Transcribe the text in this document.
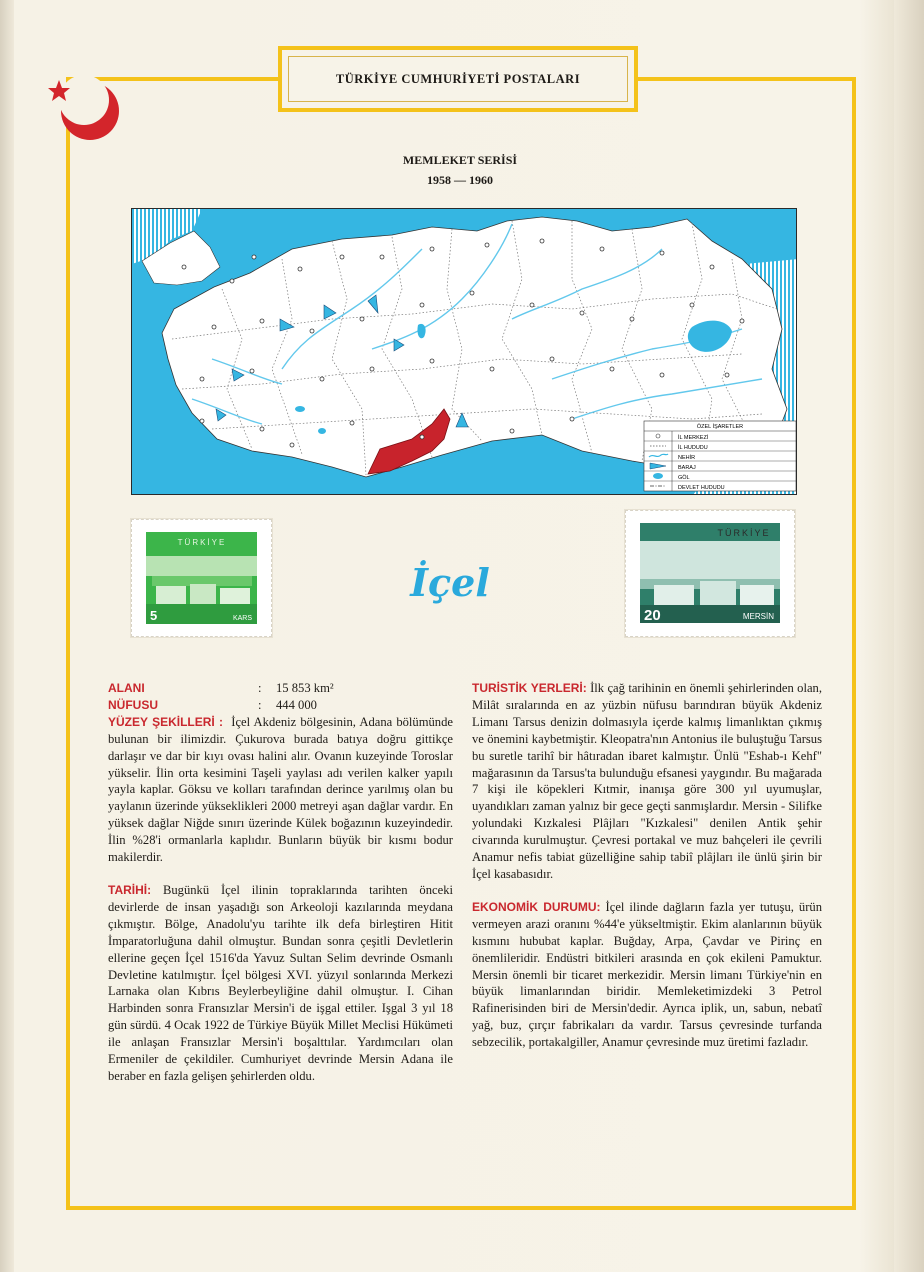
TÜRKİYE CUMHURİYETİ POSTALARI
MEMLEKET SERİSİ
1958 — 1960
ÖZEL İŞARETLER
İL MERKEZİ
İL HUDUDU
NEHİR
BARAJ
GÖL
DEVLET HUDUDU
TÜRKİYE
5	KARS
TÜRKİYE
20	MERSİN
İçel
ALANI	:	15 853 km²
NÜFUSU	:	444 000

YÜZEY ŞEKİLLERİ : İçel Akdeniz bölgesinin, Adana bölümünde bulunan bir ilimizdir. Çukurova burada batıya doğru gittikçe darlaşır ve dar bir kıyı ovası halini alır. Ovanın kuzeyinde Toroslar yükselir. İlin orta kesimini Taşeli yaylası adı verilen kalker yapılı yayla kaplar. Göksu ve kolları tarafından derince yarılmış olan bu yaylanın üzerinde yükseklikleri 2000 metreyi aşan dağlar vardır. En yüksek dağlar Niğde sınırı üzerinde Külek boğazının kuzeyindedir. İlin %28'i ormanlarla kaplıdır. Bunların büyük bir kısmı bodur makilerdir.

TARİHİ: Bugünkü İçel ilinin topraklarında tarihten önceki devirlerde de insan yaşadığı son Arkeoloji kazılarında meydana çıkmıştır. Bölge, Anadolu'yu tarihte ilk defa birleştiren Hitit İmparatorluğuna dahil olmuştur. Bundan sonra çeşitli Devletlerin ellerine geçen İçel 1516'da Yavuz Sultan Selim devrinde Osmanlı Devletine katılmıştır. İçel bölgesi XVI. yüzyıl sonlarında Merkezi Larnaka olan Kıbrıs Beylerbeyliğine dahil olmuştur. I. Cihan Harbinden sonra Fransızlar Mersin'i de işgal ettiler. Işgal 3 yıl 18 gün sürdü. 4 Ocak 1922 de Türkiye Büyük Millet Meclisi Hükümeti ile anlaşan Fransızlar Mersin'i boşalttılar. Yardımcıları olan Ermeniler de çekildiler. Cumhuriyet devrinde Mersin Adana ile beraber en fazla gelişen şehirlerden oldu.

TURİSTİK YERLERİ: İlk çağ tarihinin en önemli şehirlerinden olan, Milât sıralarında en az yüzbin nüfusu barındıran büyük Akdeniz Limanı Tarsus denizin dolmasıyla içerde kalmış limanlıktan çıkmış ve önemini kaybetmiştir. Kleopatra'nın Antonius ile buluştuğu Tarsus bu suretle tarihî bir hâtıradan ibaret kalmıştır. Ünlü "Eshab-ı Kehf" mağarasının da Tarsus'ta bulunduğu efsanesi yaygındır. Bu mağarada 7 kişi ile köpekleri Kıtmir, inanışa göre 300 yıl uyumuşlar, uyandıkları zaman yalnız bir gece geçti sanmışlardır. Mersin - Silifke yolundaki Kızkalesi Plâjları "Kızkalesi" denilen Antik şehir civarında kurulmuştur. Çevresi portakal ve muz bahçeleri ile çevrili Anamur nefis tabiat güzelliğine sahip tabiî plâjları ile ünlü şirin bir İçel kasabasıdır.

EKONOMİK DURUMU: İçel ilinde dağların fazla yer tutuşu, ürün vermeyen arazi oranını %44'e yükseltmiştir. Ekim alanlarının büyük kısmını hububat kaplar. Buğday, Arpa, Çavdar ve Pirinç en önemlileridir. Endüstri bitkileri arasında en çok ekileni Pamuktur. Mersin önemli bir ticaret merkezidir. Mersin limanı Türkiye'nin en büyük limanlarından biridir. Memleketimizdeki 3 Petrol Rafinerisinden biri de Mersin'dedir. Ayrıca iplik, un, sabun, nebatî yağ, buz, çırçır fabrikaları da vardır. Tarsus çevresinde turfanda sebzecilik, portakalgiller, Anamur çevresinde muz üretimi fazladır.
